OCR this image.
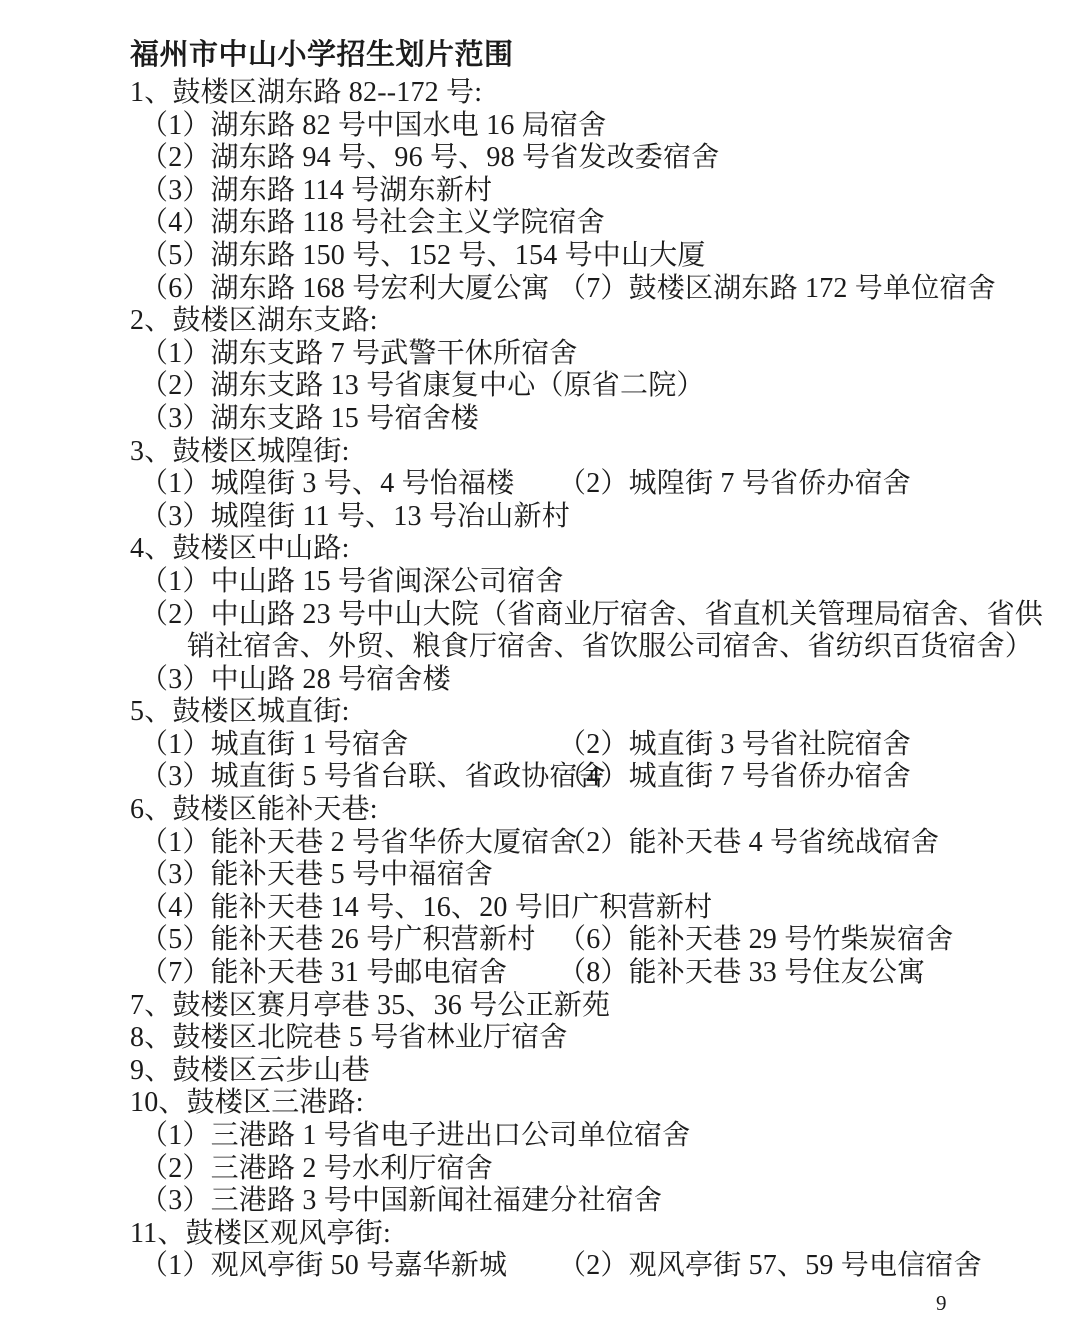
福州市中山小学招生划片范围
1、鼓楼区湖东路 82--172 号:
（1）湖东路 82 号中国水电 16 局宿舍
（2）湖东路 94 号、96 号、98 号省发改委宿舍
（3）湖东路 114 号湖东新村
（4）湖东路 118 号社会主义学院宿舍
（5）湖东路 150 号、152 号、154 号中山大厦
（6）湖东路 168 号宏利大厦公寓 （7）鼓楼区湖东路 172 号单位宿舍
2、鼓楼区湖东支路:
（1）湖东支路 7 号武警干休所宿舍
（2）湖东支路 13 号省康复中心（原省二院）
（3）湖东支路 15 号宿舍楼
3、鼓楼区城隍街:
（1）城隍街 3 号、4 号怡福楼 （2）城隍街 7 号省侨办宿舍
（3）城隍街 11 号、13 号冶山新村
4、鼓楼区中山路:
（1）中山路 15 号省闽深公司宿舍
（2）中山路 23 号中山大院（省商业厅宿舍、省直机关管理局宿舍、省供
销社宿舍、外贸、粮食厅宿舍、省饮服公司宿舍、省纺织百货宿舍）
（3）中山路 28 号宿舍楼
5、鼓楼区城直街:
（1）城直街 1 号宿舍	（2）城直街 3 号省社院宿舍
（3）城直街 5 号省台联、省政协宿舍
（4）城直街 7 号省侨办宿舍
6、鼓楼区能补天巷:
（1）能补天巷 2 号省华侨大厦宿舍
（2）能补天巷 4 号省统战宿舍
（3）能补天巷 5 号中福宿舍
（4）能补天巷 14 号、16、20 号旧广积营新村
（5）能补天巷 26 号广积营新村 （6）能补天巷 29 号竹柴炭宿舍
（7）能补天巷 31 号邮电宿舍 （8）能补天巷 33 号住友公寓
7、鼓楼区赛月亭巷 35、36 号公正新苑
8、鼓楼区北院巷 5 号省林业厅宿舍
9、鼓楼区云步山巷
10、鼓楼区三港路:
（1）三港路 1 号省电子进出口公司单位宿舍
（2）三港路 2 号水利厅宿舍
（3）三港路 3 号中国新闻社福建分社宿舍
11、鼓楼区观风亭街:
（1）观风亭街 50 号嘉华新城 （2）观风亭街 57、59 号电信宿舍
9
